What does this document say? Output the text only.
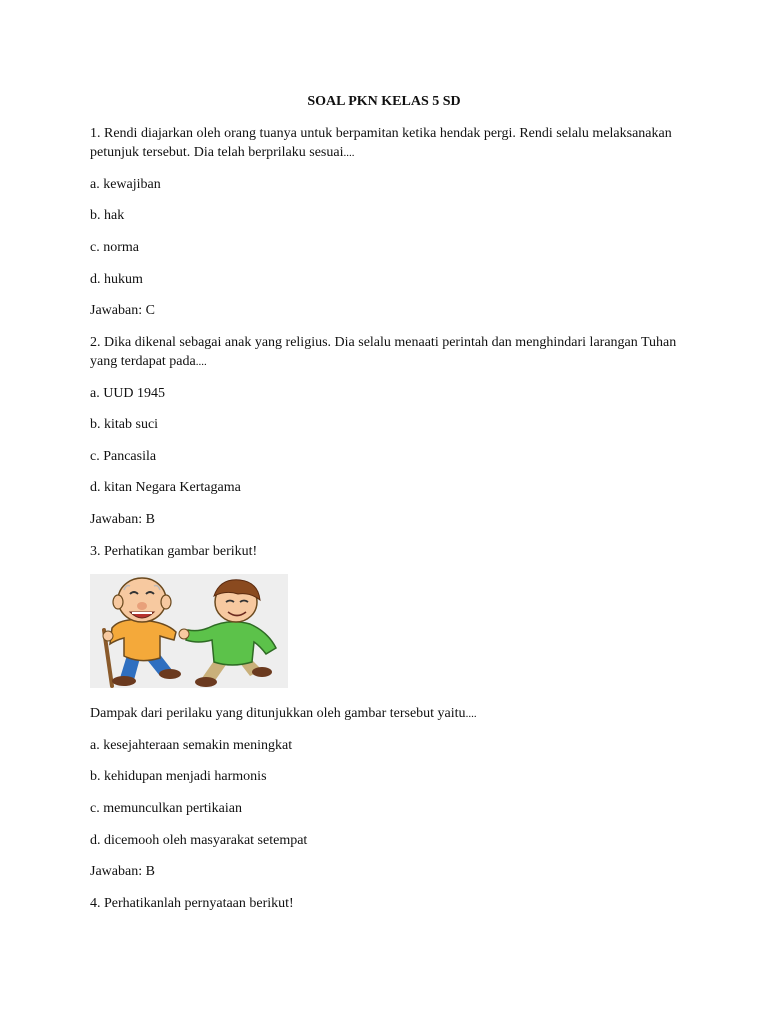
SOAL PKN KELAS 5 SD
1. Rendi diajarkan oleh orang tuanya untuk berpamitan ketika hendak pergi. Rendi selalu melaksanakan
petunjuk tersebut. Dia telah berprilaku sesuai....
a. kewajiban
b. hak
c. norma
d. hukum
Jawaban: C
2. Dika dikenal sebagai anak yang religius. Dia selalu menaati perintah dan menghindari larangan Tuhan
yang terdapat pada....
a. UUD 1945
b. kitab suci
c. Pancasila
d. kitan Negara Kertagama
Jawaban: B
3. Perhatikan gambar berikut!
Dampak dari perilaku yang ditunjukkan oleh gambar tersebut yaitu....
a. kesejahteraan semakin meningkat
b. kehidupan menjadi harmonis
c. memunculkan pertikaian
d. dicemooh oleh masyarakat setempat
Jawaban: B
4. Perhatikanlah pernyataan berikut!
